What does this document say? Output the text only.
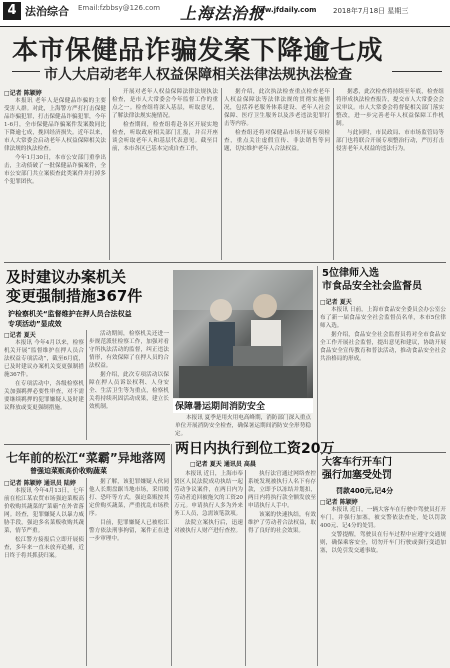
4 法治综合 Email:fzbbsy@126.com 上海法治报
www.jfdaily.com 2018年7月18日 星期三
本市保健品诈骗发案下降逾七成
市人大启动老年人权益保障相关法律法规执法检查
□记者 陈颖婷

本报讯 老年人是保健品诈骗的主要受害人群。对此，上海警方严打打击保健品诈骗犯罪，打击保健品诈骗犯罪，今年1-6月，全市保健品诈骗案件发案数同比下降逾七成，挽回经济损失。近年以来，市人大常委会启动老年人权益保障相关法律法规的执法检查。

今年1月30日，本市公安部门重拳出击，主动侦破了一批保健品诈骗案件，全市公安部门共立案侦查此类案件并打掉多个犯罪团伙。

开展对老年人权益保障法律法规执法检查，是市人大常委会今年监督工作的重点之一。检查组将深入基层，听取意见，了解法律法规实施情况。

检查期间，检查组将赴各区开展实地检查，听取政府相关部门汇报，并召开座谈会听取老年人和基层代表意见。截至目前，本市各区已基本完成自查工作。

据介绍，此次执法检查重点检查老年人权益保障法等法律法规的贯彻实施情况，包括养老服务体系建设、老年人社会保障、医疗卫生服务以及涉老违法犯罪打击等内容。

检查组还将对保健品市场开展专项检查，重点关注虚假宣传、非法销售等问题，切实维护老年人合法权益。

据悉，此次检查将持续至年底，检查组将形成执法检查报告，提交市人大常委会会议审议。市人大常委会将督促相关部门落实整改，进一步完善老年人权益保障工作机制。

与此同时，市民政局、市市场监管局等部门也将联合开展专项整治行动，严厉打击侵害老年人权益的违法行为。

及时建议办案机关
变更强制措施367件
沪检察机关“监督维护在押人员合法权益
专项活动”显成效
□记者 夏天

本报讯 今年4月以来，检察机关开展“监督维护在押人员合法权益专项活动”，截至6月底，已及时建议办案机关变更强制措施367件。

在专项活动中，各级检察机关加强羁押必要性审查，对不需要继续羁押的犯罪嫌疑人及时建议释放或变更强制措施。

活动期间，检察机关还进一步规范派驻检察工作，加强对看守所执法活动的监督，纠正违法情形，有效保障了在押人员的合法权益。

据介绍，此次专项活动以保障在押人员诉讼权利、人身安全、生活卫生等为重点，检察机关将持续巩固活动成果，建立长效机制。	保障暑运期间消防安全

本报讯 夏季是用火用电高峰期，消防部门深入重点单位开展消防安全检查，确保暑运期间消防安全形势稳定。

5位律师入选
市食品安全社会监督员
□记者 夏天

本报讯 日前，上海市食品安全委员会办公室公布了新一届食品安全社会监督员名单，本市5位律师入选。

据介绍，食品安全社会监督员将对全市食品安全工作开展社会监督，提出意见和建议，协助开展食品安全宣传教育和普法活动，推动食品安全社会共治格局的形成。

七年前的松江“菜霸”异地落网
曾强迫菜贩高价收购蔬菜
□记者 陈颖婷 通讯员 陆婷

本报讯 今年4月13日，七年前在松江某农贸市场强迫菜贩高价收购其蔬菜的“菜霸”在外省落网。经查，犯罪嫌疑人以暴力威胁手段，强迫多名菜贩收购其蔬菜，情节严重。

松江警方接报后立即开展侦查，多年来一直未放弃追捕，近日终于将其抓获归案。

据了解，该犯罪嫌疑人伙同他人长期盘踞当地市场，采用殴打、恐吓等方式，强迫菜贩按其定价购买蔬菜，严重扰乱市场秩序。

目前，犯罪嫌疑人已被松江警方依法刑事拘留，案件正在进一步审理中。

两日内执行到位工资20万
□记者 夏天 通讯员 高晨

本报讯 近日，上海市奉贤区人民法院成功执结一起劳动争议案件，在两日内为劳动者追回被拖欠的工资20万元。申请执行人多为外来务工人员，急需该笔款项。

法院立案执行后，迅速对被执行人财产进行查控。

执行法官通过网络查控系统发现被执行人名下有存款，立即予以冻结并划扣，两日内将执行款全额发放至申请执行人手中。

该案的快速执结，有效维护了劳动者合法权益，取得了良好的社会效果。

大客车行开车门
强行加塞受处罚
罚款400元,记4分
□记者 陈颖婷

本报讯 近日，一辆大客车在行驶中驾驶员打开车门，并强行加塞，被交警依法查处，处以罚款400元、记4分的处罚。

交警提醒，驾驶员在行车过程中应遵守交通规则，确保乘客安全，切勿开车门行驶或强行变道加塞，以免引发交通事故。
